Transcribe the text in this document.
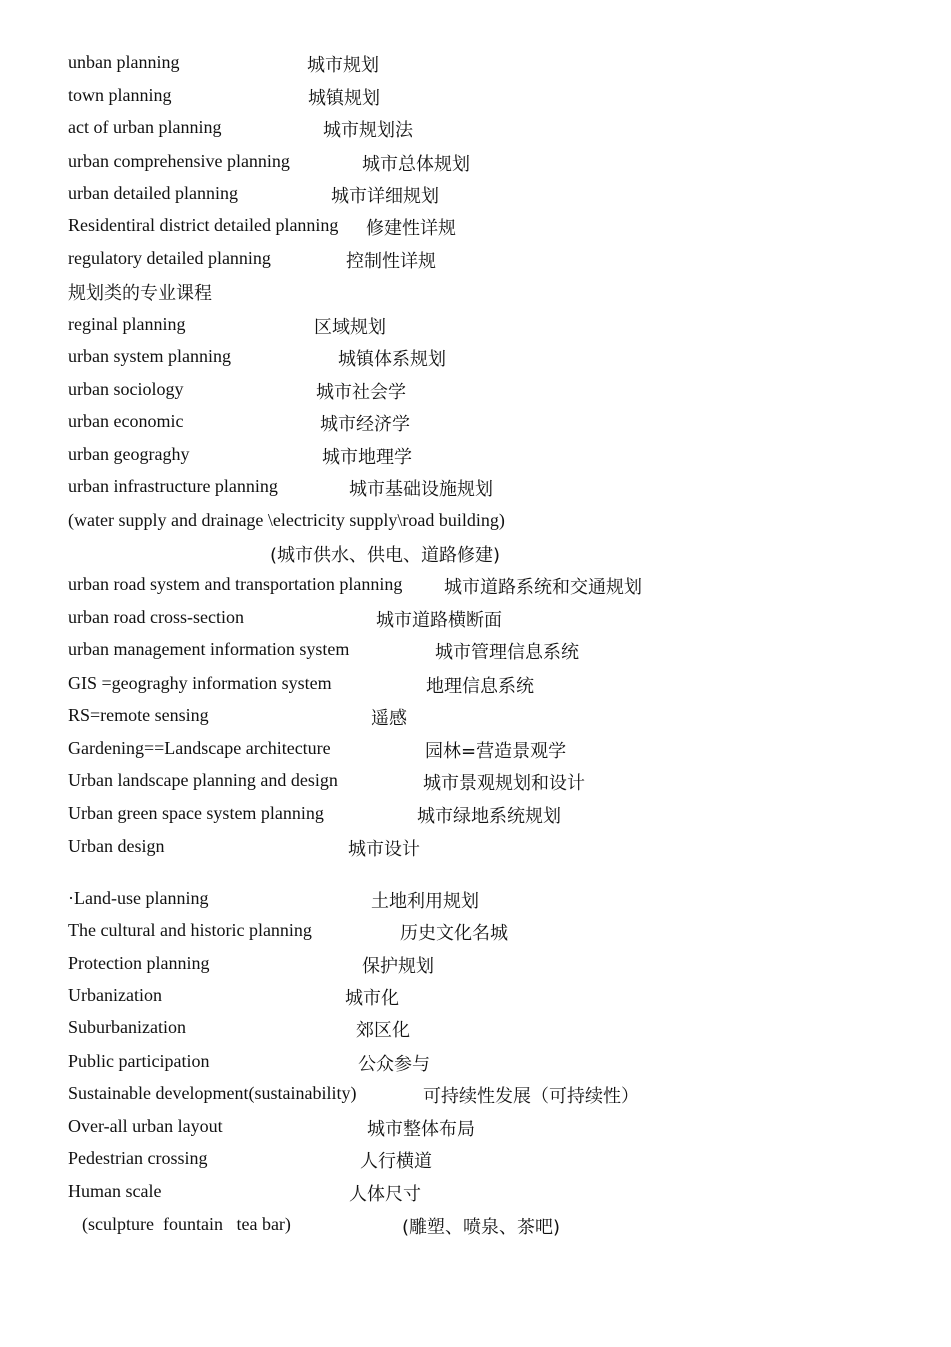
unban planning	城市规划
town planning	城镇规划
act of urban planning	城市规划法
urban comprehensive planning	城市总体规划
urban detailed planning	城市详细规划
Residentiral district detailed planning 修建性详规
regulatory detailed planning	控制性详规
规划类的专业课程
reginal planning	区域规划
urban system planning	城镇体系规划
urban sociology	城市社会学
urban economic	城市经济学
urban geograghy	城市地理学
urban infrastructure planning	城市基础设施规划
(water supply and drainage \electricity supply\road building)
(城市供水、供电、道路修建)
urban road system and transportation planning 城市道路系统和交通规划
urban road cross-section	城市道路横断面
urban management information system	城市管理信息系统
GIS =geograghy information system	地理信息系统
RS=remote sensing	遥感
Gardening==Landscape architecture	园林=营造景观学
Urban landscape planning and design	城市景观规划和设计
Urban green space system planning	城市绿地系统规划
Urban design	城市设计
·Land-use planning	土地利用规划
The cultural and historic planning	历史文化名城
Protection planning	保护规划
Urbanization	城市化
Suburbanization	郊区化
Public participation	公众参与
Sustainable development(sustainability)	可持续性发展（可持续性）
Over-all urban layout	城市整体布局
Pedestrian crossing	人行横道
Human scale	人体尺寸
(sculpture  fountain   tea bar)	(雕塑、喷泉、茶吧)
